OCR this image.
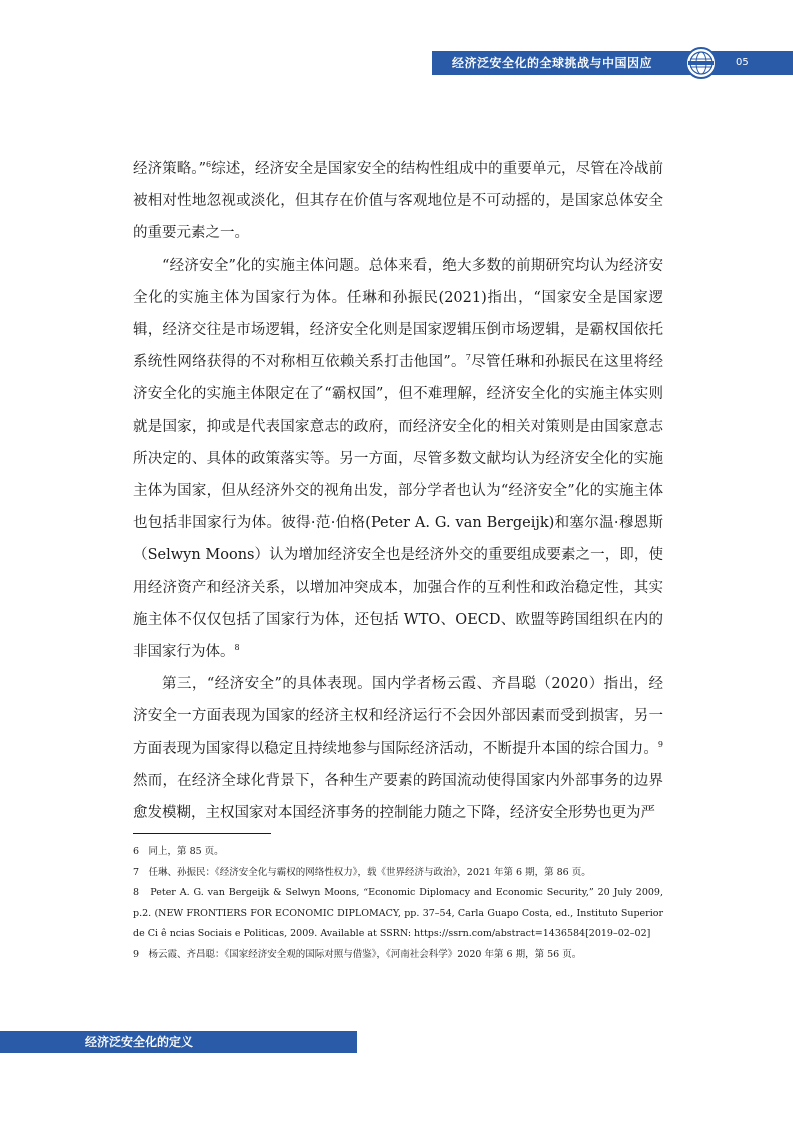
经济泛安全化的全球挑战与中国因应	05

经济策略。”$^6$综述，经济安全是国家安全的结构性组成中的重要单元，尽管在冷战前被相对性地忽视或淡化，但其存在价值与客观地位是不可动摇的，是国家总体安全的重要元素之一。

“经济安全”化的实施主体问题。总体来看，绝大多数的前期研究均认为经济安全化的实施主体为国家行为体。任琳和孙振民(2021)指出，“国家安全是国家逻辑，经济交往是市场逻辑，经济安全化则是国家逻辑压倒市场逻辑，是霸权国依托系统性网络获得的不对称相互依赖关系打击他国”。$^7$尽管任琳和孙振民在这里将经济安全化的实施主体限定在了“霸权国”，但不难理解，经济安全化的实施主体实则就是国家，抑或是代表国家意志的政府，而经济安全化的相关对策则是由国家意志所决定的、具体的政策落实等。另一方面，尽管多数文献均认为经济安全化的实施主体为国家，但从经济外交的视角出发，部分学者也认为“经济安全”化的实施主体也包括非国家行为体。彼得·范·伯格(Peter A. G. van Bergeijk)和塞尔温·穆恩斯（Selwyn Moons）认为增加经济安全也是经济外交的重要组成要素之一，即，使用经济资产和经济关系，以增加冲突成本，加强合作的互利性和政治稳定性，其实施主体不仅仅包括了国家行为体，还包括 WTO、OECD、欧盟等跨国组织在内的非国家行为体。$^8$

第三，“经济安全”的具体表现。国内学者杨云霞、齐昌聪（2020）指出，经济安全一方面表现为国家的经济主权和经济运行不会因外部因素而受到损害，另一方面表现为国家得以稳定且持续地参与国际经济活动，不断提升本国的综合国力。$^9$然而，在经济全球化背景下，各种生产要素的跨国流动使得国家内外部事务的边界愈发模糊，主权国家对本国经济事务的控制能力随之下降，经济安全形势也更为严

6　同上，第 85 页。

7　任琳、孙振民：《经济安全化与霸权的网络性权力》，载《世界经济与政治》，2021 年第 6 期，第 86 页。

8　Peter A. G. van Bergeijk & Selwyn Moons, “Economic Diplomacy and Economic Security,” 20 July 2009, p.2. (NEW FRONTIERS FOR ECONOMIC DIPLOMACY, pp. 37–54, Carla Guapo Costa, ed., Instituto Superior de Ci ê ncias Sociais e Politicas, 2009. Available at SSRN: https://ssrn.com/abstract=1436584[2019–02–02]

9　杨云霞、齐昌聪：《国家经济安全观的国际对照与借鉴》，《河南社会科学》2020 年第 6 期，第 56 页。

经济泛安全化的定义
